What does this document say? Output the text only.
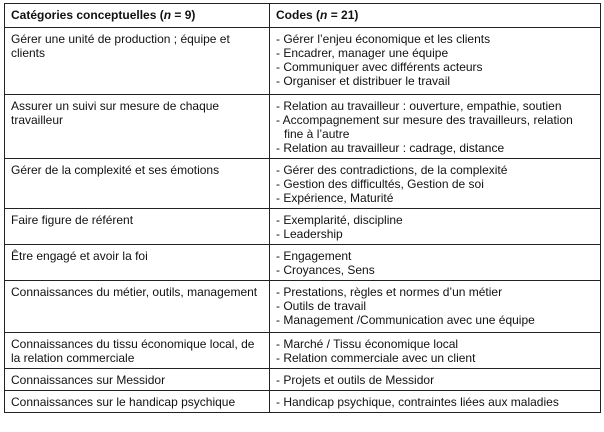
Catégories conceptuelles (n = 9)	Codes (n = 21)
Gérer une unité de production ; équipe et clients	- Gérer l’enjeu économique et les clients
- Encadrer, manager une équipe
- Communiquer avec différents acteurs
- Organiser et distribuer le travail

Assurer un suivi sur mesure de chaque travailleur	- Relation au travailleur : ouverture, empathie, soutien
- Accompagnement sur mesure des travailleurs, relation fine à l’autre
- Relation au travailleur : cadrage, distance

Gérer de la complexité et ses émotions	- Gérer des contradictions, de la complexité
- Gestion des difficultés, Gestion de soi
- Expérience, Maturité

Faire figure de référent	- Exemplarité, discipline
- Leadership

Être engagé et avoir la foi	- Engagement
- Croyances, Sens

Connaissances du métier, outils, management	- Prestations, règles et normes d’un métier
- Outils de travail
- Management /Communication avec une équipe

Connaissances du tissu économique local, de la relation commerciale	- Marché / Tissu économique local
- Relation commerciale avec un client

Connaissances sur Messidor	- Projets et outils de Messidor

Connaissances sur le handicap psychique	- Handicap psychique, contraintes liées aux maladies
